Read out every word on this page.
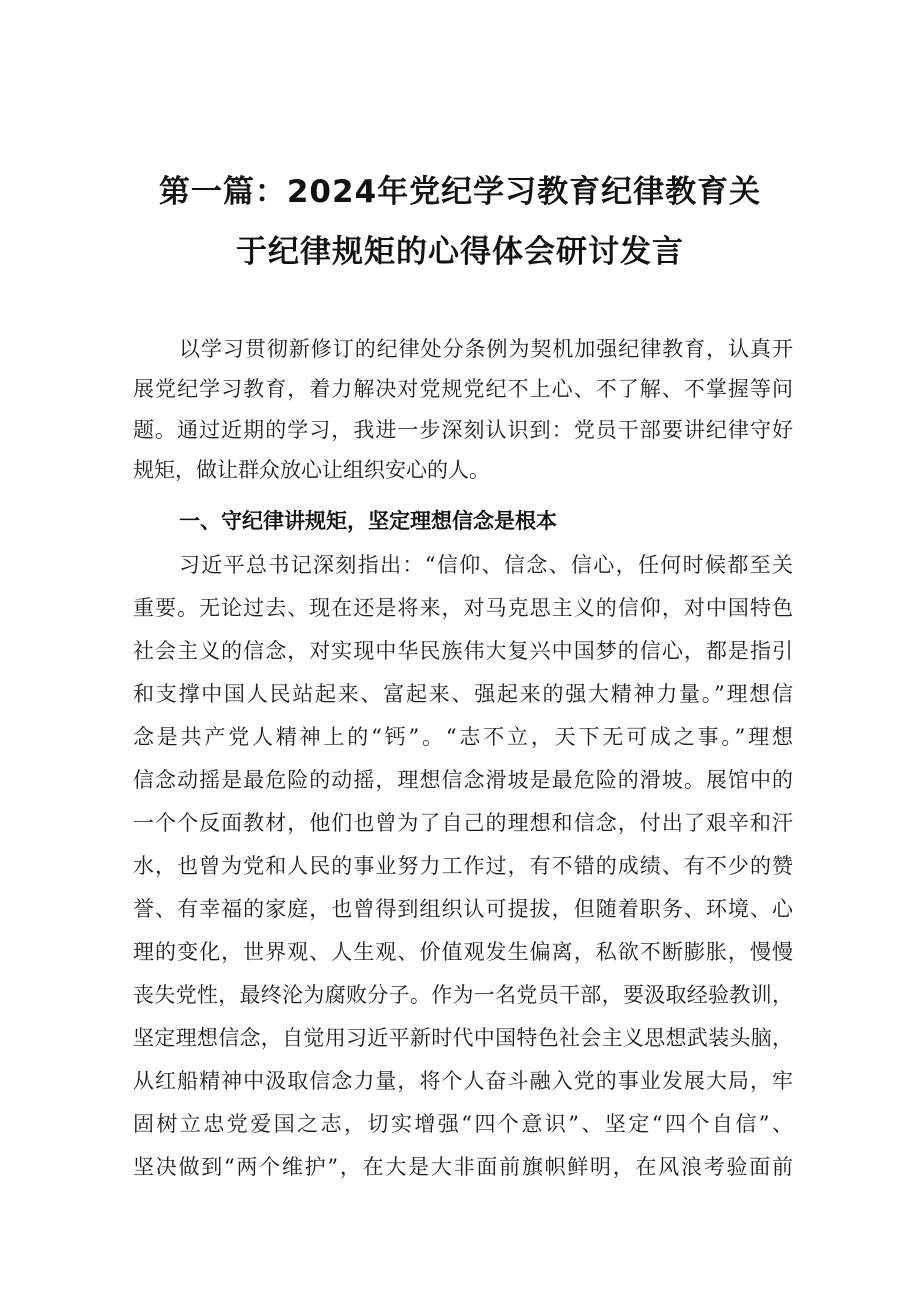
第一篇：2024年党纪学习教育纪律教育关
于纪律规矩的心得体会研讨发言
以学习贯彻新修订的纪律处分条例为契机加强纪律教育，认真开
展党纪学习教育，着力解决对党规党纪不上心、不了解、不掌握等问
题。通过近期的学习，我进一步深刻认识到：党员干部要讲纪律守好
规矩，做让群众放心让组织安心的人。
一、守纪律讲规矩，坚定理想信念是根本
习近平总书记深刻指出：“信仰、信念、信心，任何时候都至关
重要。无论过去、现在还是将来，对马克思主义的信仰，对中国特色
社会主义的信念，对实现中华民族伟大复兴中国梦的信心，都是指引
和支撑中国人民站起来、富起来、强起来的强大精神力量。”理想信
念是共产党人精神上的“钙”。“志不立，天下无可成之事。”理想
信念动摇是最危险的动摇，理想信念滑坡是最危险的滑坡。展馆中的
一个个反面教材，他们也曾为了自己的理想和信念，付出了艰辛和汗
水，也曾为党和人民的事业努力工作过，有不错的成绩、有不少的赞
誉、有幸福的家庭，也曾得到组织认可提拔，但随着职务、环境、心
理的变化，世界观、人生观、价值观发生偏离，私欲不断膨胀，慢慢
丧失党性，最终沦为腐败分子。作为一名党员干部，要汲取经验教训，
坚定理想信念，自觉用习近平新时代中国特色社会主义思想武装头脑，
从红船精神中汲取信念力量，将个人奋斗融入党的事业发展大局，牢
固树立忠党爱国之志，切实增强“四个意识”、坚定“四个自信”、
坚决做到“两个维护”，在大是大非面前旗帜鲜明，在风浪考验面前
